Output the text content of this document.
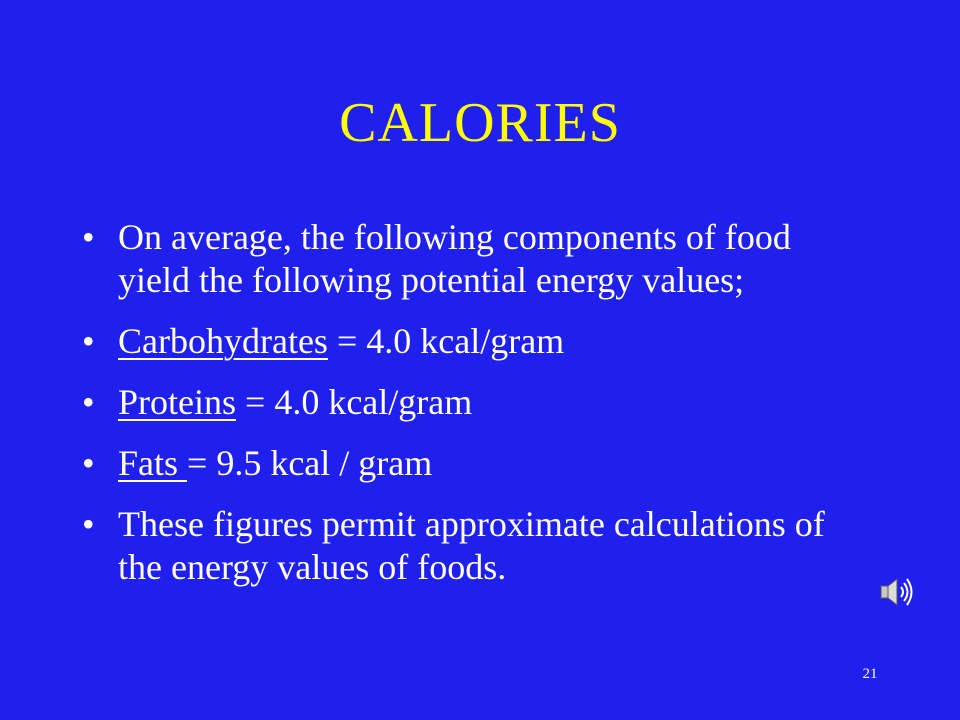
CALORIES
• On average, the following components of food yield the following potential energy values;
• Carbohydrates = 4.0 kcal/gram
• Proteins = 4.0 kcal/gram
• Fats = 9.5 kcal / gram
• These figures permit approximate calculations of the energy values of foods.
21
